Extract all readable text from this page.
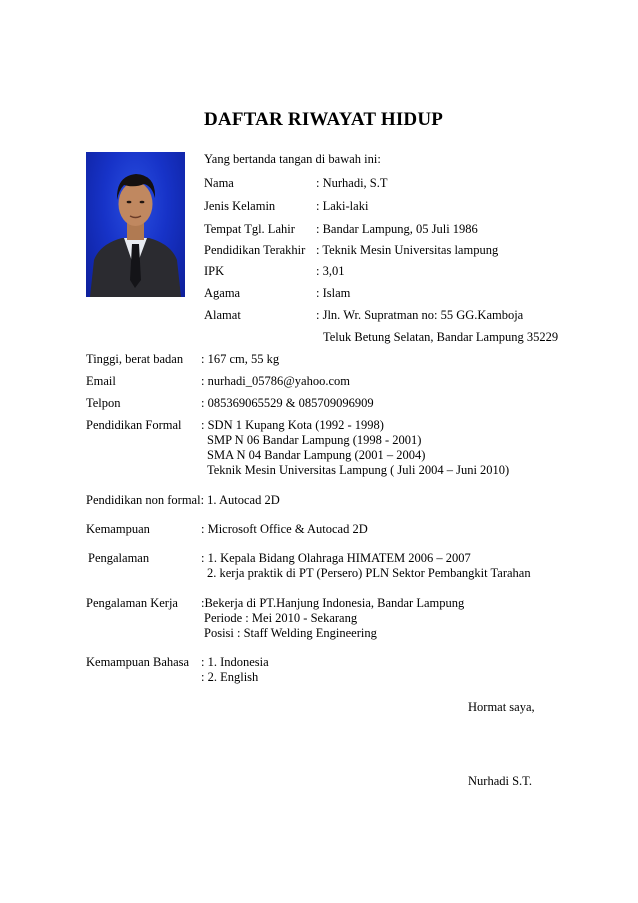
DAFTAR RIWAYAT HIDUP
Yang bertanda tangan di bawah ini:
Nama	: Nurhadi, S.T
Jenis Kelamin	: Laki-laki
Tempat Tgl. Lahir : Bandar Lampung, 05 Juli 1986
Pendidikan Terakhir : Teknik Mesin Universitas lampung
IPK	: 3,01
Agama	: Islam
Alamat	: Jln. Wr. Supratman no: 55 GG.Kamboja
Teluk Betung Selatan, Bandar Lampung 35229
Tinggi, berat badan : 167 cm, 55 kg
Email	: nurhadi_05786@yahoo.com
Telpon	: 085369065529 & 085709096909
Pendidikan Formal : SDN 1 Kupang Kota (1992 - 1998)
SMP N 06 Bandar Lampung (1998 - 2001)
SMA N 04 Bandar Lampung (2001 – 2004)
Teknik Mesin Universitas Lampung ( Juli 2004 – Juni 2010)
Pendidikan non formal: 1. Autocad 2D
Kemampuan	: Microsoft Office & Autocad 2D
Pengalaman	: 1. Kepala Bidang Olahraga HIMATEM 2006 – 2007
2. kerja praktik di PT (Persero) PLN Sektor Pembangkit Tarahan
Pengalaman Kerja :Bekerja di PT.Hanjung Indonesia, Bandar Lampung
Periode : Mei 2010 - Sekarang
Posisi : Staff Welding Engineering
Kemampuan Bahasa : 1. Indonesia
: 2. English
Hormat saya,
Nurhadi S.T.
